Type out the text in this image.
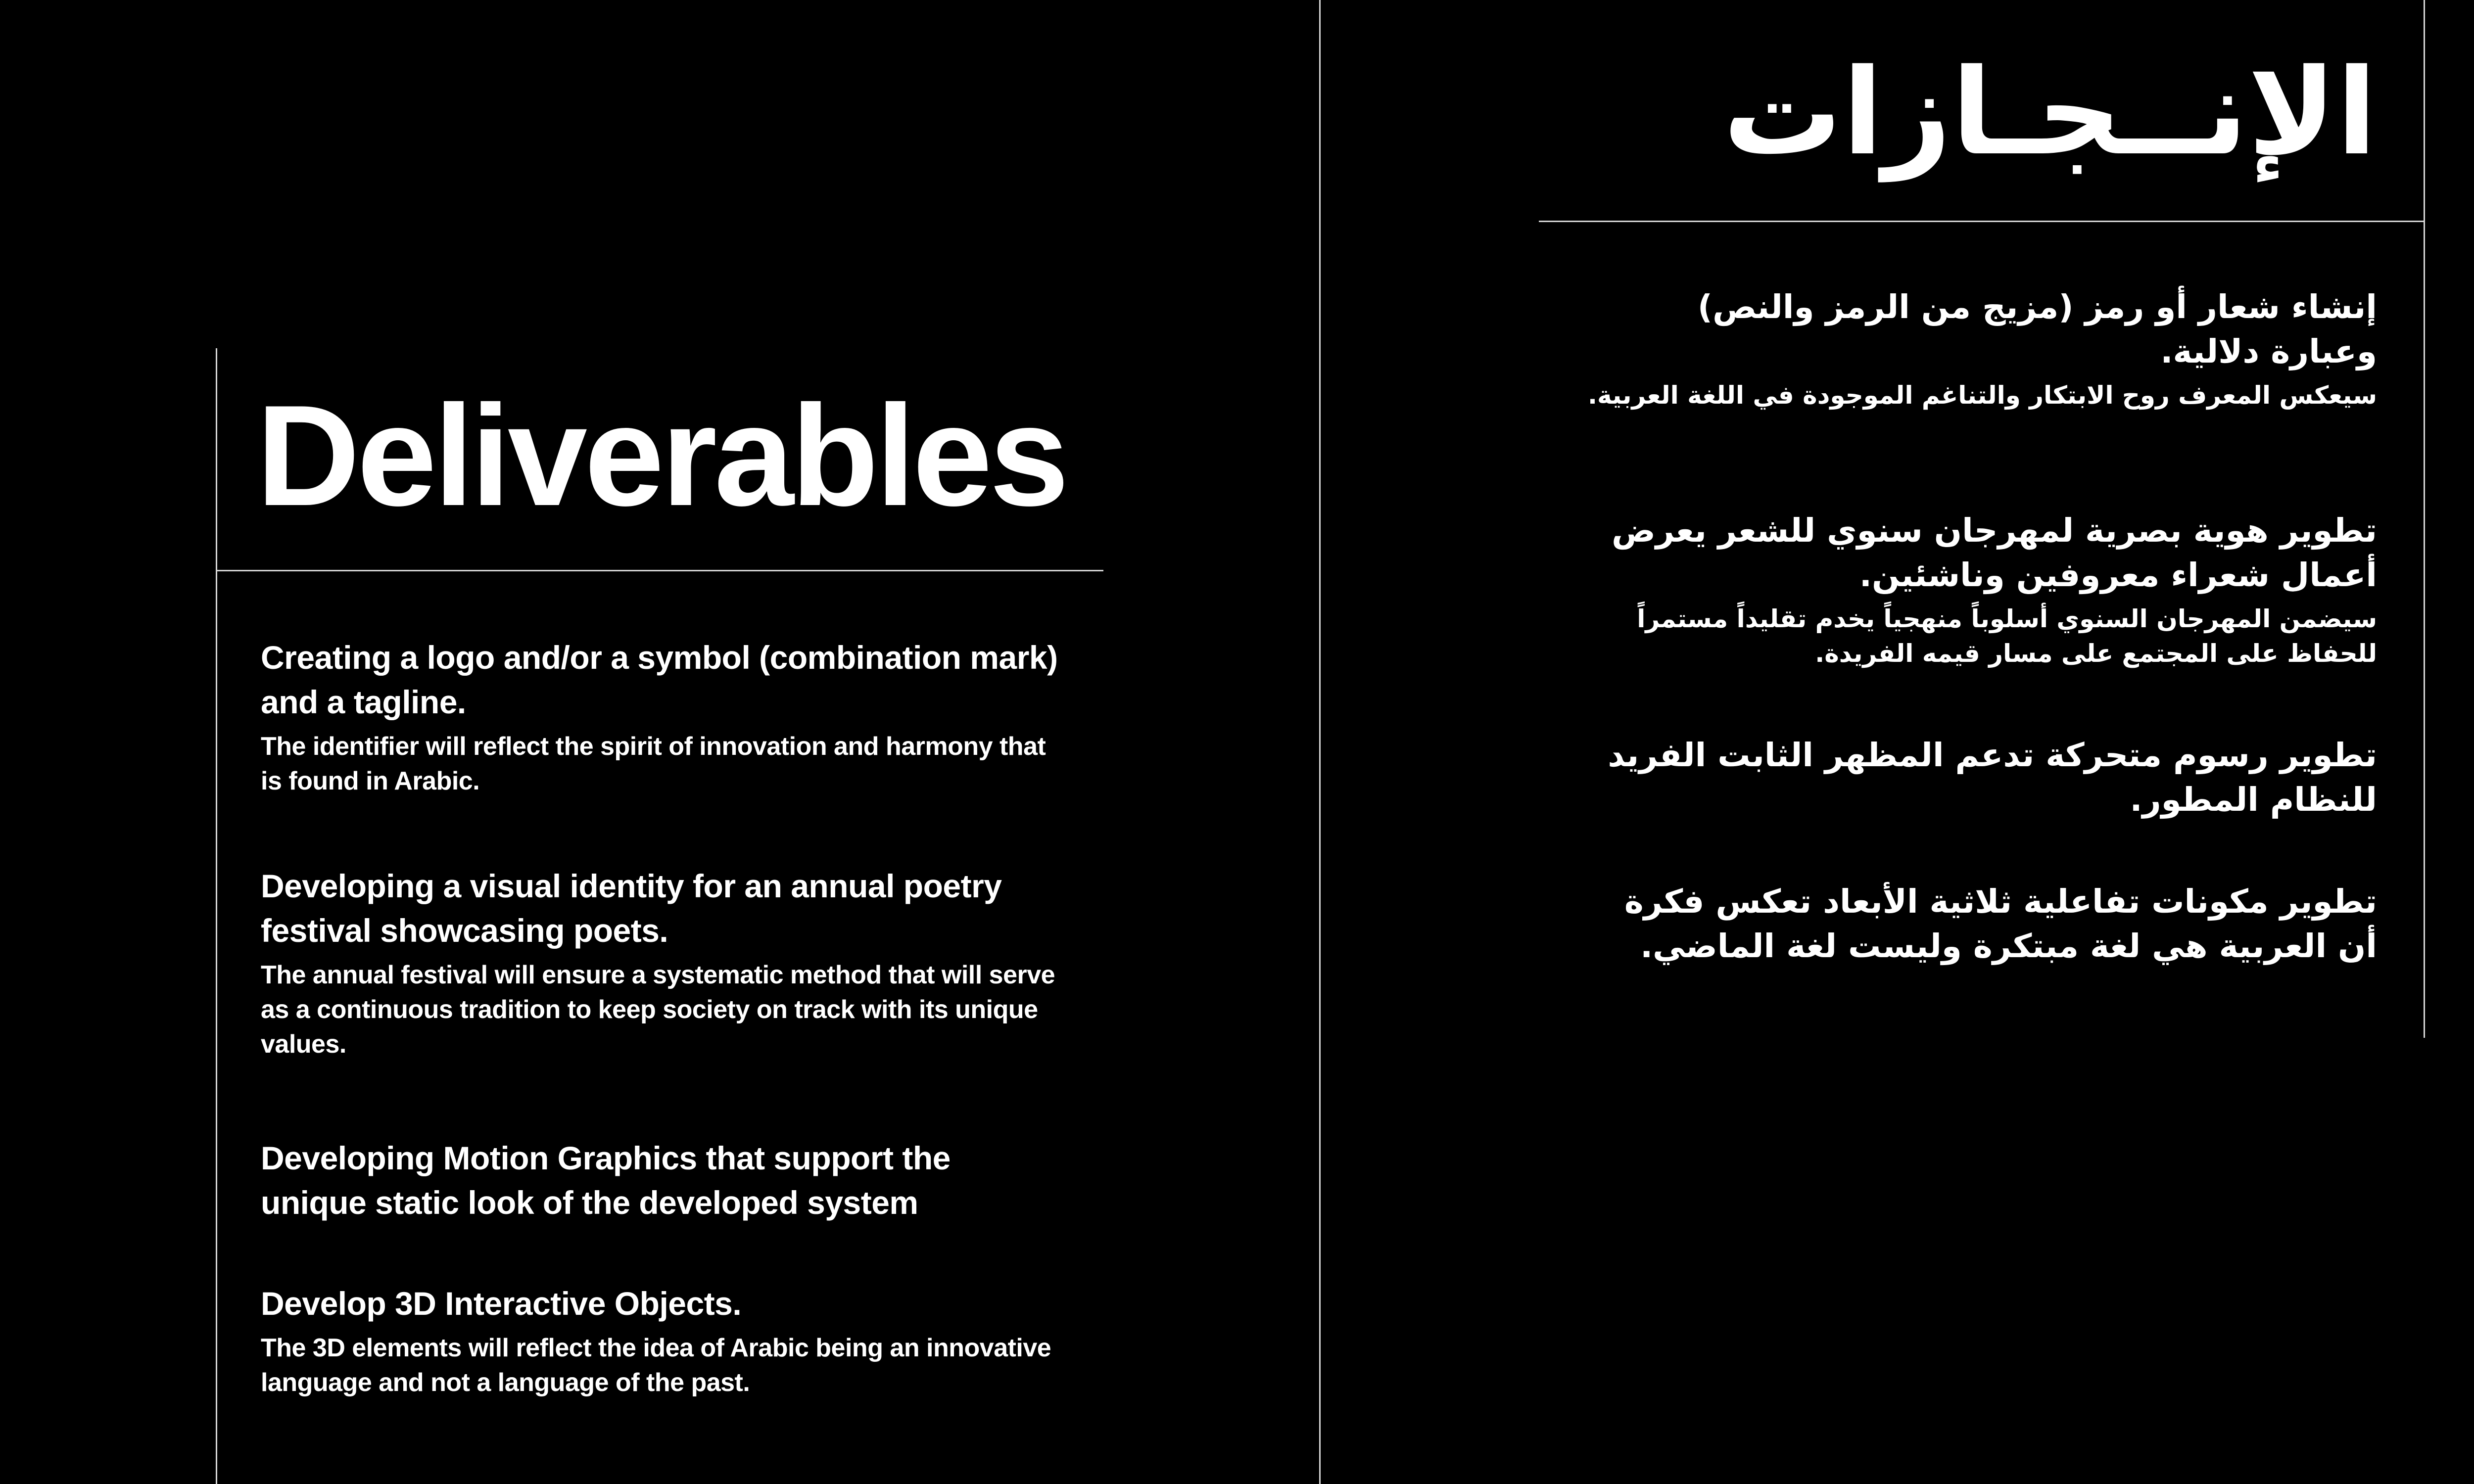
Deliverables
Creating a logo and/or a symbol (combination mark) and a tagline.
The identifier will reflect the spirit of innovation and harmony that is found in Arabic.
Developing a visual identity for an annual poetry festival showcasing poets.
The annual festival will ensure a systematic method that will serve as a continuous tradition to keep society on track with its unique values.
Developing Motion Graphics that support the unique static look of the developed system
Develop 3D Interactive Objects.
The 3D elements will reflect the idea of Arabic being an innovative language and not a language of the past.
الإنــجـازات
إنشاء شعار أو رمز (مزيج من الرمز والنص) وعبارة دلالية.
سيعكس المعرف روح الابتكار والتناغم الموجودة في اللغة العربية.
تطوير هوية بصرية لمهرجان سنوي للشعر يعرض أعمال شعراء معروفين وناشئين.
سيضمن المهرجان السنوي أسلوباً منهجياً يخدم تقليداً مستمراً للحفاظ على المجتمع على مسار قيمه الفريدة.
تطوير رسوم متحركة تدعم المظهر الثابت الفريد للنظام المطور.
تطوير مكونات تفاعلية ثلاثية الأبعاد تعكس فكرة أن العربية هي لغة مبتكرة وليست لغة الماضي.
